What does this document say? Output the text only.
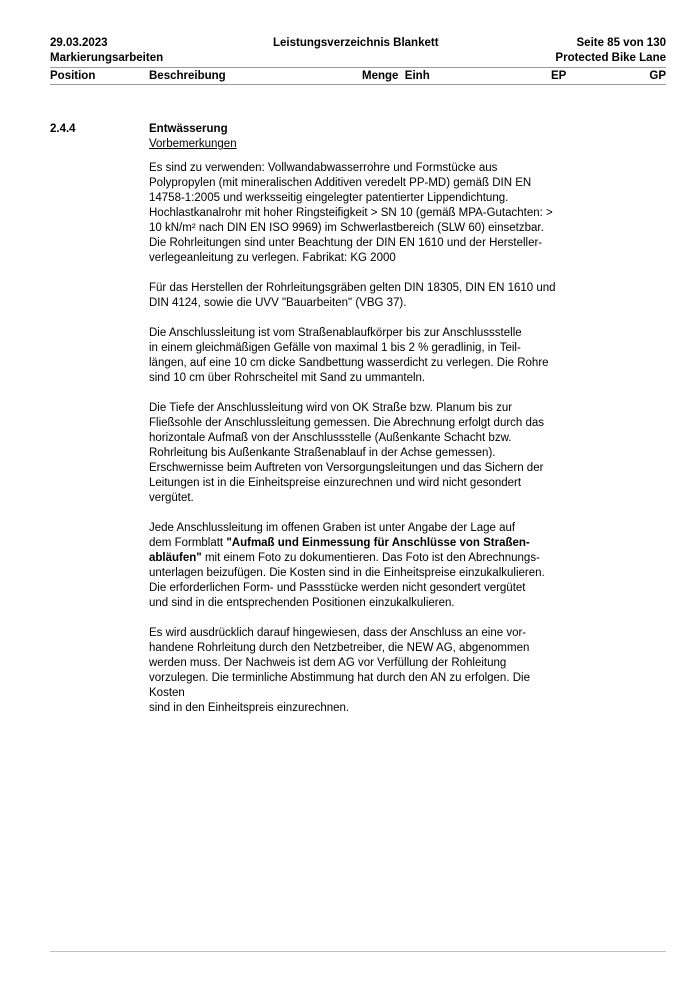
29.03.2023
Markierungsarbeiten
Leistungsverzeichnis Blankett	Seite 85 von 130
Protected Bike Lane
Position	Beschreibung	Menge  Einh	EP	GP
2.4.4	Entwässerung
Vorbemerkungen
Es sind zu verwenden: Vollwandabwasserrohre und Formstücke aus
Polypropylen (mit mineralischen Additiven veredelt PP-MD) gemäß DIN EN
14758-1:2005 und werksseitig eingelegter patentierter Lippendichtung.
Hochlastkanalrohr mit hoher Ringsteifigkeit > SN 10 (gemäß MPA-Gutachten: >
10 kN/m² nach DIN EN ISO 9969) im Schwerlastbereich (SLW 60) einsetzbar.
Die Rohrleitungen sind unter Beachtung der DIN EN 1610 und der Hersteller-
verlegeanleitung zu verlegen. Fabrikat: KG 2000
Für das Herstellen der Rohrleitungsgräben gelten DIN 18305, DIN EN 1610 und
DIN 4124, sowie die UVV "Bauarbeiten" (VBG 37).
Die Anschlussleitung ist vom Straßenablaufkörper bis zur Anschlussstelle
in einem gleichmäßigen Gefälle von maximal 1 bis 2 % geradlinig, in Teil-
längen, auf eine 10 cm dicke Sandbettung wasserdicht zu verlegen. Die Rohre
sind 10 cm über Rohrscheitel mit Sand zu ummanteln.
Die Tiefe der Anschlussleitung wird von OK Straße bzw. Planum bis zur
Fließsohle der Anschlussleitung gemessen. Die Abrechnung erfolgt durch das
horizontale Aufmaß von der Anschlussstelle (Außenkante Schacht bzw.
Rohrleitung bis Außenkante Straßenablauf in der Achse gemessen).
Erschwernisse beim Auftreten von Versorgungsleitungen und das Sichern der
Leitungen ist in die Einheitspreise einzurechnen und wird nicht gesondert
vergütet.
Jede Anschlussleitung im offenen Graben ist unter Angabe der Lage auf
dem Formblatt "Aufmaß und Einmessung für Anschlüsse von Straßen-
abläufen" mit einem Foto zu dokumentieren. Das Foto ist den Abrechnungs-
unterlagen beizufügen. Die Kosten sind in die Einheitspreise einzukalkulieren.
Die erforderlichen Form- und Passstücke werden nicht gesondert vergütet
und sind in die entsprechenden Positionen einzukalkulieren.
Es wird ausdrücklich darauf hingewiesen, dass der Anschluss an eine vor-
handene Rohrleitung durch den Netzbetreiber, die NEW AG, abgenommen
werden muss. Der Nachweis ist dem AG vor Verfüllung der Rohleitung
vorzulegen. Die terminliche Abstimmung hat durch den AN zu erfolgen. Die
Kosten
sind in den Einheitspreis einzurechnen.
